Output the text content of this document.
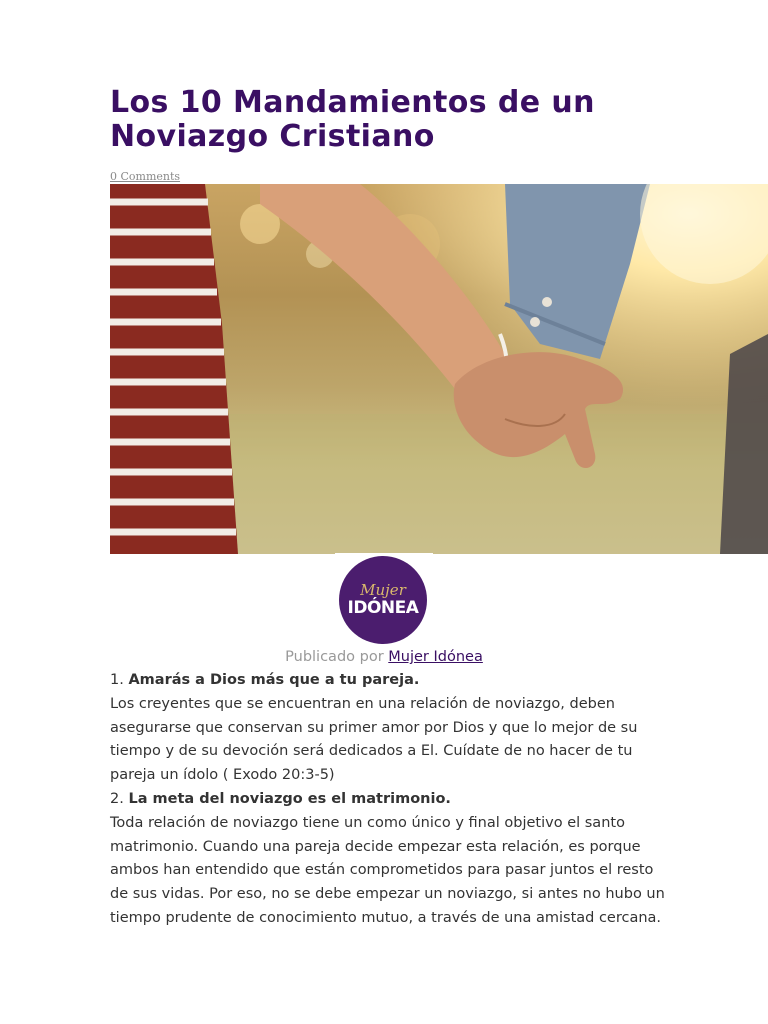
Los 10 Mandamientos de un Noviazgo Cristiano
0 Comments
Mujer
IDÓNEA
Publicado por Mujer Idónea

1. Amarás a Dios más que a tu pareja.

Los creyentes que se encuentran en una relación de noviazgo, deben asegurarse que conservan su primer amor por Dios y que lo mejor de su tiempo y de su devoción será dedicados a El. Cuídate de no hacer de tu pareja un ídolo ( Exodo 20:3-5)

2. La meta del noviazgo es el matrimonio.

Toda relación de noviazgo tiene un como único y final objetivo el santo matrimonio. Cuando una pareja decide empezar esta relación, es porque ambos han entendido que están comprometidos para pasar juntos el resto de sus vidas. Por eso, no se debe empezar un noviazgo, si antes no hubo un tiempo prudente de conocimiento mutuo, a través de una amistad cercana.
